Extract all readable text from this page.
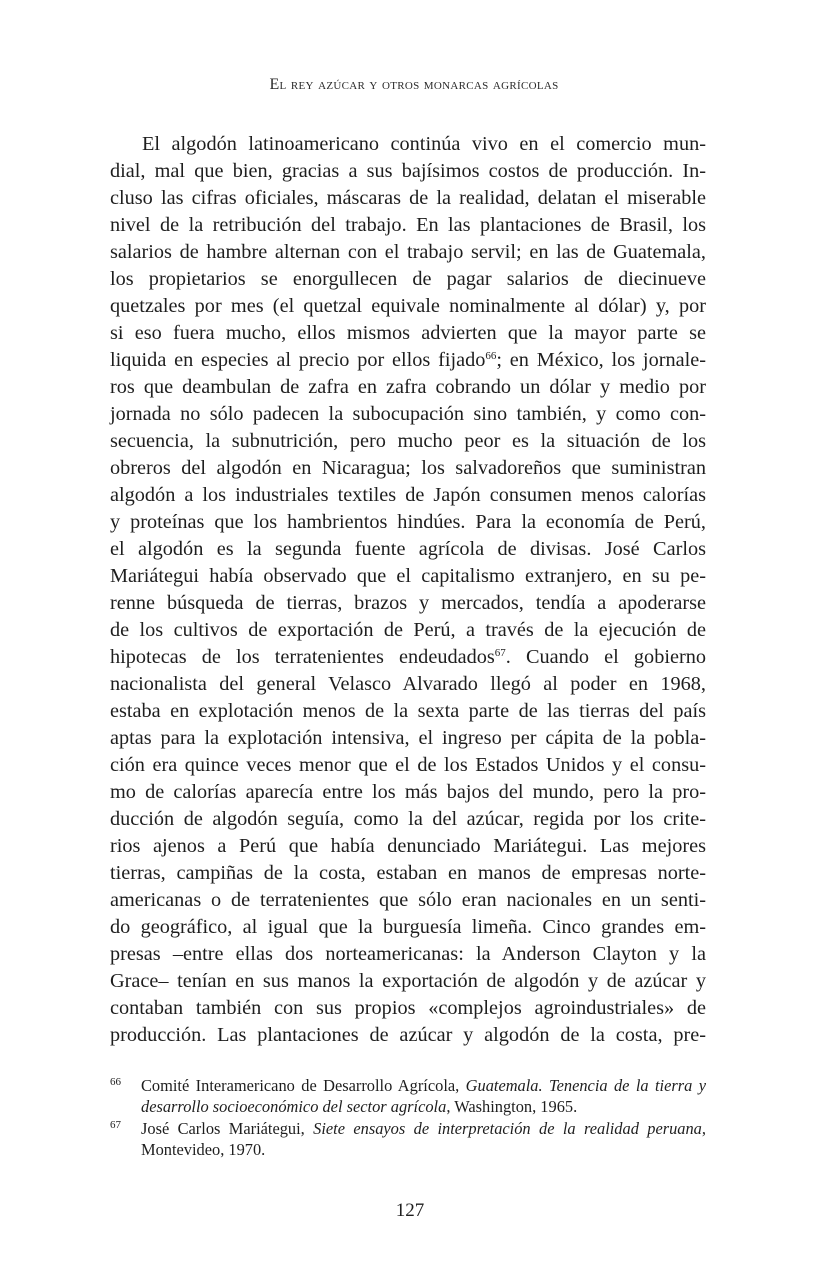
El rey azúcar y otros monarcas agrícolas
El algodón latinoamericano continúa vivo en el comercio mun-
dial, mal que bien, gracias a sus bajísimos costos de producción. In-
cluso las cifras oficiales, máscaras de la realidad, delatan el miserable
nivel de la retribución del trabajo. En las plantaciones de Brasil, los
salarios de hambre alternan con el trabajo servil; en las de Guatemala,
los propietarios se enorgullecen de pagar salarios de diecinueve
quetzales por mes (el quetzal equivale nominalmente al dólar) y, por
si eso fuera mucho, ellos mismos advierten que la mayor parte se
liquida en especies al precio por ellos fijado$^{66}$; en México, los jornale-
ros que deambulan de zafra en zafra cobrando un dólar y medio por
jornada no sólo padecen la subocupación sino también, y como con-
secuencia, la subnutrición, pero mucho peor es la situación de los
obreros del algodón en Nicaragua; los salvadoreños que suministran
algodón a los industriales textiles de Japón consumen menos calorías
y proteínas que los hambrientos hindúes. Para la economía de Perú,
el algodón es la segunda fuente agrícola de divisas. José Carlos
Mariátegui había observado que el capitalismo extranjero, en su pe-
renne búsqueda de tierras, brazos y mercados, tendía a apoderarse
de los cultivos de exportación de Perú, a través de la ejecución de
hipotecas de los terratenientes endeudados$^{67}$. Cuando el gobierno
nacionalista del general Velasco Alvarado llegó al poder en 1968,
estaba en explotación menos de la sexta parte de las tierras del país
aptas para la explotación intensiva, el ingreso per cápita de la pobla-
ción era quince veces menor que el de los Estados Unidos y el consu-
mo de calorías aparecía entre los más bajos del mundo, pero la pro-
ducción de algodón seguía, como la del azúcar, regida por los crite-
rios ajenos a Perú que había denunciado Mariátegui. Las mejores
tierras, campiñas de la costa, estaban en manos de empresas norte-
americanas o de terratenientes que sólo eran nacionales en un senti-
do geográfico, al igual que la burguesía limeña. Cinco grandes em-
presas –entre ellas dos norteamericanas: la Anderson Clayton y la
Grace– tenían en sus manos la exportación de algodón y de azúcar y
contaban también con sus propios «complejos agroindustriales» de
producción. Las plantaciones de azúcar y algodón de la costa, pre-
66 Comité Interamericano de Desarrollo Agrícola, Guatemala. Tenencia de la tierra y desarrollo socioeconómico del sector agrícola, Washington, 1965.
67 José Carlos Mariátegui, Siete ensayos de interpretación de la realidad peruana, Montevideo, 1970.
127
